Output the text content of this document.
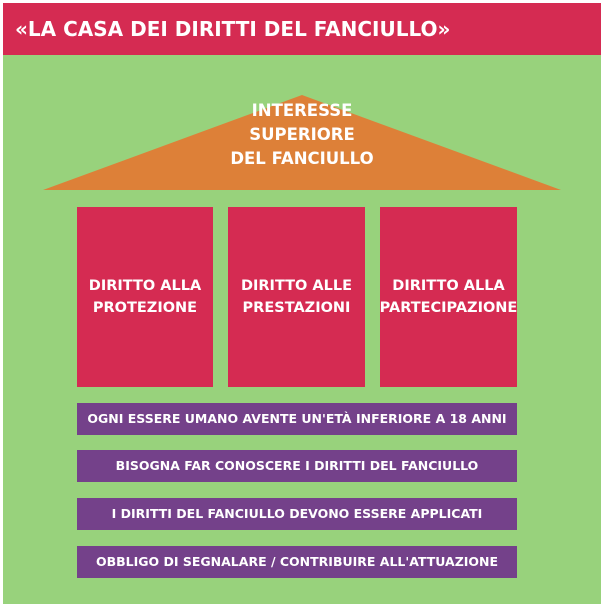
«LA CASA DEI DIRITTI DEL FANCIULLO»
INTERESSE
SUPERIORE
DEL FANCIULLO
DIRITTO ALLA
PROTEZIONE
DIRITTO ALLE
PRESTAZIONI
DIRITTO ALLA
PARTECIPAZIONE
OGNI ESSERE UMANO AVENTE UN'ETÀ INFERIORE A 18 ANNI
BISOGNA FAR CONOSCERE I DIRITTI DEL FANCIULLO
I DIRITTI DEL FANCIULLO DEVONO ESSERE APPLICATI
OBBLIGO DI SEGNALARE / CONTRIBUIRE ALL'ATTUAZIONE
